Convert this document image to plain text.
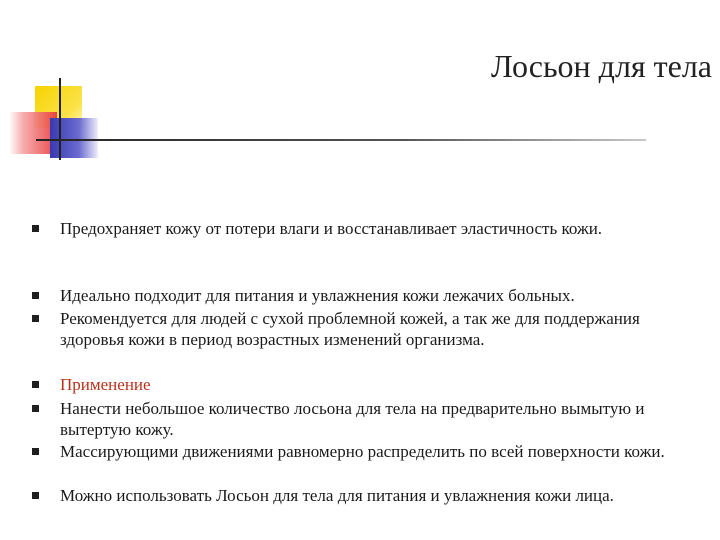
Лосьон для тела
Предохраняет кожу от потери влаги и восстанавливает эластичность кожи.
Идеально подходит для питания и увлажнения кожи лежачих больных.
Рекомендуется для людей с сухой проблемной кожей, а так же для поддержания здоровья кожи в период возрастных изменений организма.
Применение
Нанести небольшое количество лосьона для тела на предварительно вымытую и вытертую кожу.
Массирующими движениями равномерно распределить по всей поверхности кожи.
Можно использовать Лосьон для тела для питания и увлажнения кожи лица.
